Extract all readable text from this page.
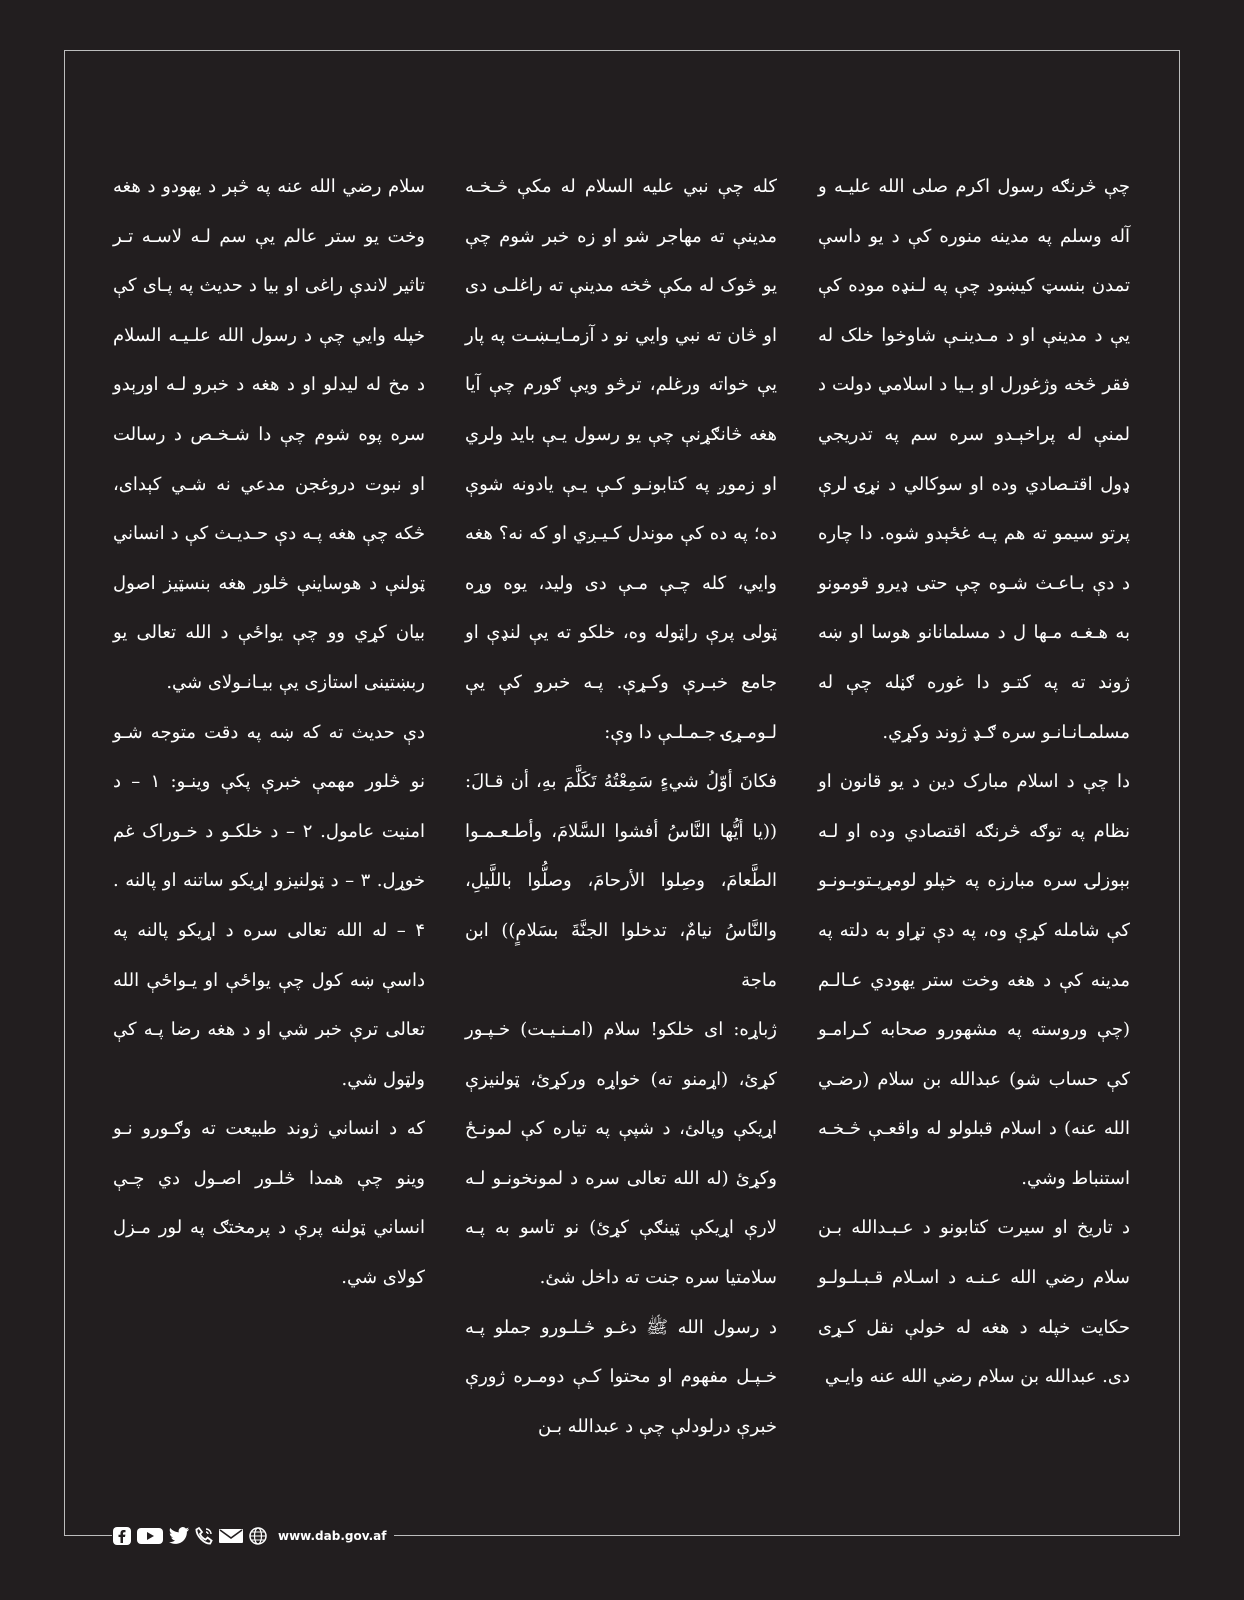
چې څرنګه رسول اکرم صلی الله علیـه و آله وسلم په مدینه منوره کې د یو داسې تمدن بنسټ کیښود چې په لـنډه موده کې یې د مدینې او د مـدینـې شاوخوا خلک له فقر څخه وژغورل او بـیا د اسلامي دولت د لمنې له پراخېـدو سره سم په تدریجي ډول اقتـصادي وده او سوکالي د نړۍ لرې پرتو سیمو ته هم پـه غځېدو شوه. دا چاره د دې بـاعـث شـوه چې حتی ډیرو قومونو به هـغـه مـها ل د مسلمانانو هوسا او ښه ژوند ته په کتـو دا غوره ګڼله چې له مسلمـانـانـو سره ګـډ ژوند وکړي.

دا چې د اسلام مبارک دین د یو قانون او نظام په توګه څرنګه اقتصادي وده او لـه بېوزلۍ سره مبارزه په خپلو لومړیـتوبـونـو کې شامله کړې وه، په دې تړاو به دلته په مدینه کې د هغه وخت ستر یهودي عـالـم (چې وروسته په مشهورو صحابه کـرامـو کې حساب شو) عبدالله بن سلام (رضـي الله عنه) د اسلام قبلولو له واقعـې څـخـه استنباط وشي.

د تاریخ او سیرت کتابونو د عـبـدالله بـن سلام رضي الله عـنـه د اسـلام قـبـلـولـو حکایت خپله د هغه له خولې نقل کـړی دی. عبدالله بن سلام رضي الله عنه وایـي

کله چې نبي علیه السلام له مکې څـخـه مدینې ته مهاجر شو او زه خبر شوم چې یو څوک له مکې څخه مدینې ته راغلـی دی او څان ته نبي وایي نو د آزمـایـښـت په پار یې خواته ورغلم، ترڅو ویې ګورم چې آیا هغه څانګړنې چې یو رسول یـې باید ولري او زموږ په کتابونـو کـې یـې یادونه شوې ده؛ په ده کې موندل کـیـږي او که نه؟ هغه وایي، کله چـې مـې دی ولید، یوه وړه ټولی پرې راټوله وه، خلکو ته یې لنډې او جامع خبـرې وکـړې. پـه خبرو کې یې لـومـړۍ جـمـلـې دا وې:

فكانَ أوّلُ شيءٍ سَمِعْتُهُ تَكَلَّمَ بهِ، أن قـالَ: ((يا أيُّها النَّاسُ أفشوا السَّلامَ، وأطـعـمـوا الطَّعامَ، وصِلوا الأرحامَ، وصلُّوا باللَّيلِ، والنَّاسُ نيامٌ، تدخلوا الجنَّةَ بسَلامٍ)) ابن ماجة

ژباړه: ای خلکو! سلام (امـنـیـت) خـپـور کړئ، (اړمنو ته) خواړه ورکړئ، ټولنیزې اړیکې وپالئ، د شپې په تیاره کې لمونـځ وکړئ (له الله تعالی سره د لمونخونـو لـه لارې اړیکې ټینګې کړئ) نو تاسو به پـه سلامتیا سره جنت ته داخل شئ.

د رسول الله ﷺ دغـو څـلـورو جملو پـه خـپـل مفهوم او محتوا کـې دومـره ژورې خبرې درلودلې چې د عبدالله بـن

سلام رضي الله عنه په څېر د یهودو د هغه وخت یو ستر عالم یې سم لـه لاسـه تـر تاثیر لاندې راغی او بیا د حدیث په پـای کې خپله وایي چې د رسول الله علـیـه السلام د مخ له لیدلو او د هغه د خبرو لـه اورېدو سره پوه شوم چې دا شـخـص د رسالت او نبوت دروغجن مدعي نه شـي کېدای، څکه چې هغه پـه دې حـدیـث کې د انساني ټولنې د هوساینې څلور هغه بنسټیز اصول بیان کړي وو چې یواځې د الله تعالی یو ربښتینی استازی یې بیـانـولای شي.

دې حدیث ته که ښه په دقت متوجه شـو نو څلور مهمې خبرې پکې وینـو: ۱ – د امنیت عامول. ۲ – د خلکـو د خـوراک غم خوړل. ۳ – د ټولنیزو اړیکو ساتنه او پالنه . ۴ – له الله تعالی سره د اړیکو پالنه په داسې ښه کول چې یواځې او یـواځې الله تعالی ترې خبر شي او د هغه رضا پـه کې ولټول شي.

که د انساني ژوند طبیعت ته وګـورو نـو وینو چې همدا څلـور اصـول دي چـې انساني ټولنه پرې د پرمختګ په لور مـزل کولای شي.

www.dab.gov.af
